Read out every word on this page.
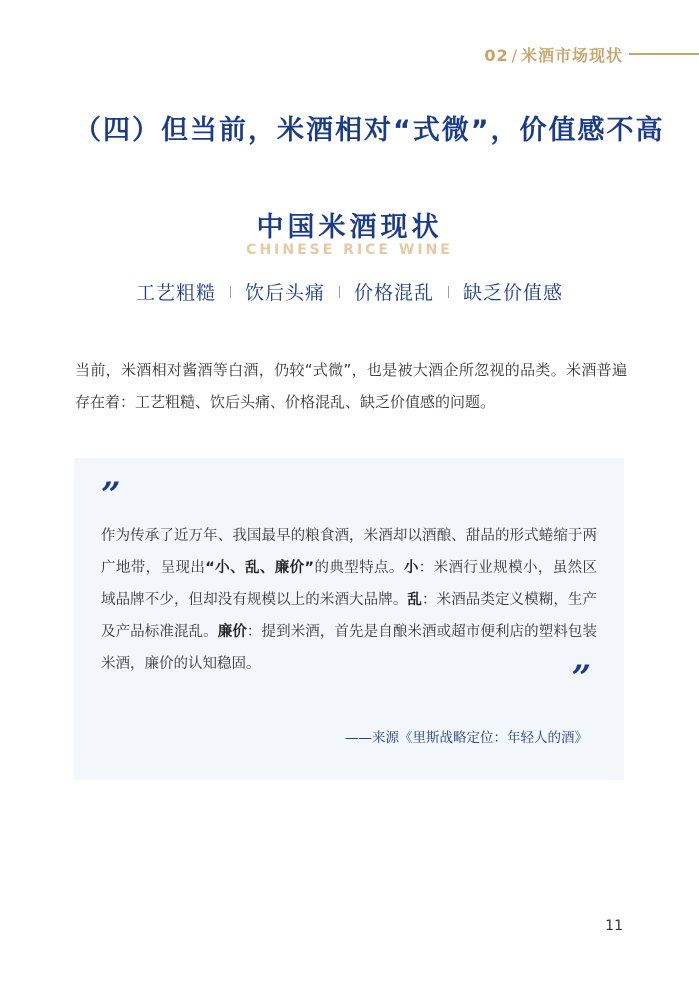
02 / 米酒市场现状
（四）但当前，米酒相对“式微”，价值感不高
中国米酒现状
CHINESE RICE WINE
工艺粗糙	饮后头痛	价格混乱	缺乏价值感
当前，米酒相对酱酒等白酒，仍较“式微”，也是被大酒企所忽视的品类。米酒普遍存在着：工艺粗糙、饮后头痛、价格混乱、缺乏价值感的问题。
”
作为传承了近万年、我国最早的粮食酒，米酒却以酒酿、甜品的形式蜷缩于两广地带，呈现出“小、乱、廉价”的典型特点。小：米酒行业规模小，虽然区域品牌不少，但却没有规模以上的米酒大品牌。乱：米酒品类定义模糊，生产及产品标准混乱。廉价：提到米酒，首先是自酿米酒或超市便利店的塑料包装米酒，廉价的认知稳固。	”
——来源《里斯战略定位：年轻人的酒》
11
